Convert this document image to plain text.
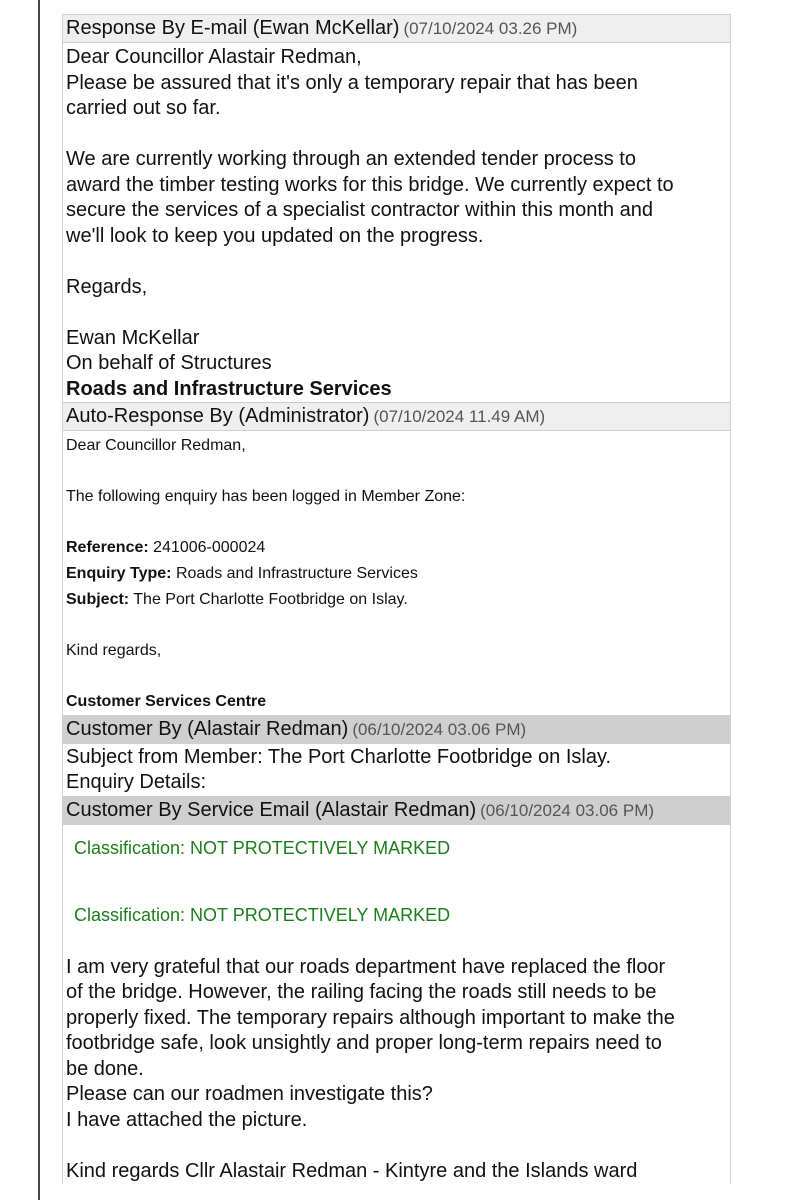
Response By E-mail (Ewan McKellar) (07/10/2024 03.26 PM)
Dear Councillor Alastair Redman,
Please be assured that it's only a temporary repair that has been
carried out so far.
We are currently working through an extended tender process to
award the timber testing works for this bridge. We currently expect to
secure the services of a specialist contractor within this month and
we'll look to keep you updated on the progress.
Regards,
Ewan McKellar
On behalf of Structures
Roads and Infrastructure Services
Auto-Response By (Administrator) (07/10/2024 11.49 AM)
Dear Councillor Redman,
The following enquiry has been logged in Member Zone:
Reference: 241006-000024
Enquiry Type: Roads and Infrastructure Services
Subject: The Port Charlotte Footbridge on Islay.
Kind regards,
Customer Services Centre
Customer By (Alastair Redman) (06/10/2024 03.06 PM)
Subject from Member: The Port Charlotte Footbridge on Islay.
Enquiry Details:
Customer By Service Email (Alastair Redman) (06/10/2024 03.06 PM)
Classification: NOT PROTECTIVELY MARKED
Classification: NOT PROTECTIVELY MARKED
I am very grateful that our roads department have replaced the floor
of the bridge. However, the railing facing the roads still needs to be
properly fixed. The temporary repairs although important to make the
footbridge safe, look unsightly and proper long-term repairs need to
be done.
Please can our roadmen investigate this?
I have attached the picture.
Kind regards Cllr Alastair Redman - Kintyre and the Islands ward
